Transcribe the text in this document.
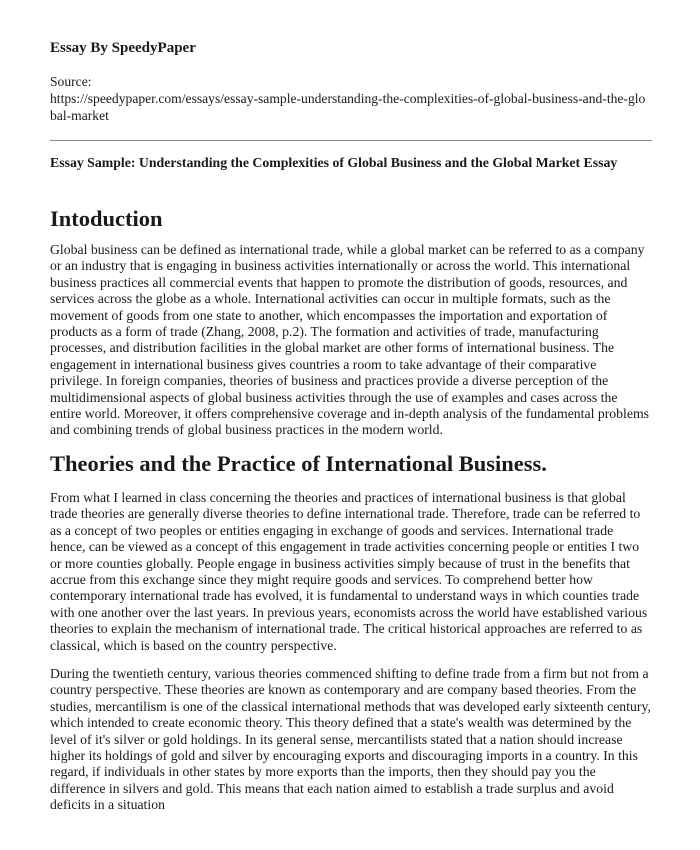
Essay By SpeedyPaper
Source:
https://speedypaper.com/essays/essay-sample-understanding-the-complexities-of-global-business-and-the-global-market
Essay Sample: Understanding the Complexities of Global Business and the Global Market Essay
Intoduction

Global business can be defined as international trade, while a global market can be referred to as a company or an industry that is engaging in business activities internationally or across the world. This international business practices all commercial events that happen to promote the distribution of goods, resources, and services across the globe as a whole. International activities can occur in multiple formats, such as the movement of goods from one state to another, which encompasses the importation and exportation of products as a form of trade (Zhang, 2008, p.2). The formation and activities of trade, manufacturing processes, and distribution facilities in the global market are other forms of international business. The engagement in international business gives countries a room to take advantage of their comparative privilege. In foreign companies, theories of business and practices provide a diverse perception of the multidimensional aspects of global business activities through the use of examples and cases across the entire world. Moreover, it offers comprehensive coverage and in-depth analysis of the fundamental problems and combining trends of global business practices in the modern world.

Theories and the Practice of International Business.

From what I learned in class concerning the theories and practices of international business is that global trade theories are generally diverse theories to define international trade. Therefore, trade can be referred to as a concept of two peoples or entities engaging in exchange of goods and services. International trade hence, can be viewed as a concept of this engagement in trade activities concerning people or entities I two or more counties globally. People engage in business activities simply because of trust in the benefits that accrue from this exchange since they might require goods and services. To comprehend better how contemporary international trade has evolved, it is fundamental to understand ways in which counties trade with one another over the last years. In previous years, economists across the world have established various theories to explain the mechanism of international trade. The critical historical approaches are referred to as classical, which is based on the country perspective.

During the twentieth century, various theories commenced shifting to define trade from a firm but not from a country perspective. These theories are known as contemporary and are company based theories. From the studies, mercantilism is one of the classical international methods that was developed early sixteenth century, which intended to create economic theory. This theory defined that a state's wealth was determined by the level of it's silver or gold holdings. In its general sense, mercantilists stated that a nation should increase higher its holdings of gold and silver by encouraging exports and discouraging imports in a country. In this regard, if individuals in other states by more exports than the imports, then they should pay you the difference in silvers and gold. This means that each nation aimed to establish a trade surplus and avoid deficits in a situation
